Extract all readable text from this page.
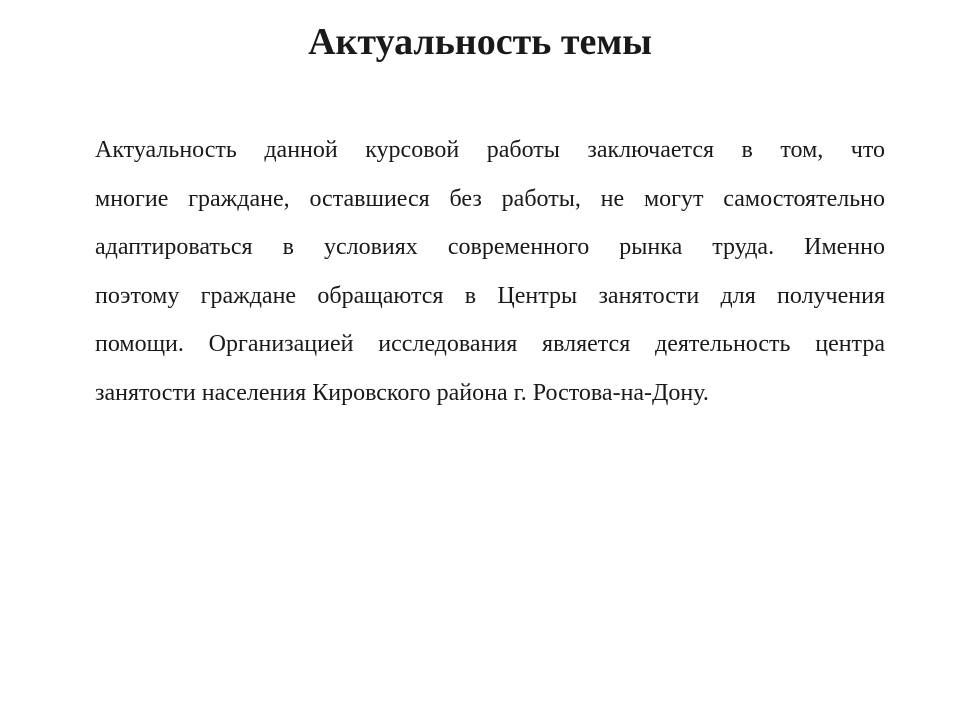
Актуальность темы
Актуальность данной курсовой работы заключается в том, что
многие граждане, оставшиеся без работы, не могут самостоятельно
адаптироваться в условиях современного рынка труда. Именно
поэтому граждане обращаются в Центры занятости для получения
помощи. Организацией исследования является деятельность центра
занятости населения Кировского района г. Ростова-на-Дону.
